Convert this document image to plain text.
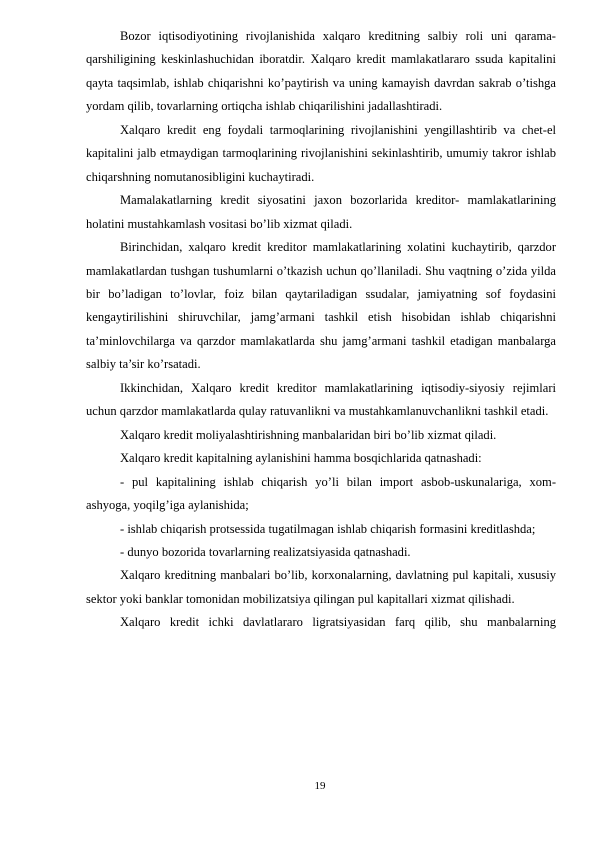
Bozor iqtisodiyotining rivojlanishida xalqaro kreditning salbiy roli uni qarama- qarshiligining keskinlashuchidan iboratdir. Xalqaro kredit mamlakatlararo ssuda kapitalini qayta taqsimlab, ishlab chiqarishni ko’paytirish va uning kamayish davrdan sakrab o’tishga yordam qilib, tovarlarning ortiqcha ishlab chiqarilishini jadallashtiradi.

Xalqaro kredit eng foydali tarmoqlarining rivojlanishini yengillashtirib va chet-el kapitalini jalb etmaydigan tarmoqlarining rivojlanishini sekinlashtirib, umumiy takror ishlab chiqarshning nomutanosibligini kuchaytiradi.

Mamalakatlarning kredit siyosatini jaxon bozorlarida kreditor- mamlakatlarining holatini mustahkamlash vositasi bo’lib xizmat qiladi.

Birinchidan, xalqaro kredit kreditor mamlakatlarining xolatini kuchaytirib, qarzdor mamlakatlardan tushgan tushumlarni o’tkazish uchun qo’llaniladi. Shu vaqtning o’zida yilda bir bo’ladigan to’lovlar, foiz bilan qaytariladigan ssudalar, jamiyatning sof foydasini kengaytirilishini shiruvchilar, jamg’armani tashkil etish hisobidan ishlab chiqarishni ta’minlovchilarga va qarzdor mamlakatlarda shu jamg’armani tashkil etadigan manbalarga salbiy ta’sir ko’rsatadi.

Ikkinchidan, Xalqaro kredit kreditor mamlakatlarining iqtisodiy-siyosiy rejimlari uchun qarzdor mamlakatlarda qulay ratuvanlikni va mustahkamlanuvchanlikni tashkil etadi.

Xalqaro kredit moliyalashtirishning manbalaridan biri bo’lib xizmat qiladi.

Xalqaro kredit kapitalning aylanishini hamma bosqichlarida qatnashadi:

- pul kapitalining ishlab chiqarish yo’li bilan import asbob-uskunalariga, xom- ashyoga, yoqilg’iga aylanishida;

- ishlab chiqarish protsessida tugatilmagan ishlab chiqarish formasini kreditlashda;

- dunyo bozorida tovarlarning realizatsiyasida qatnashadi.

Xalqaro kreditning manbalari bo’lib, korxonalarning, davlatning pul kapitali, xususiy sektor yoki banklar tomonidan mobilizatsiya qilingan pul kapitallari xizmat qilishadi.

Xalqaro kredit ichki davlatlararo ligratsiyasidan farq qilib, shu manbalarning

19
